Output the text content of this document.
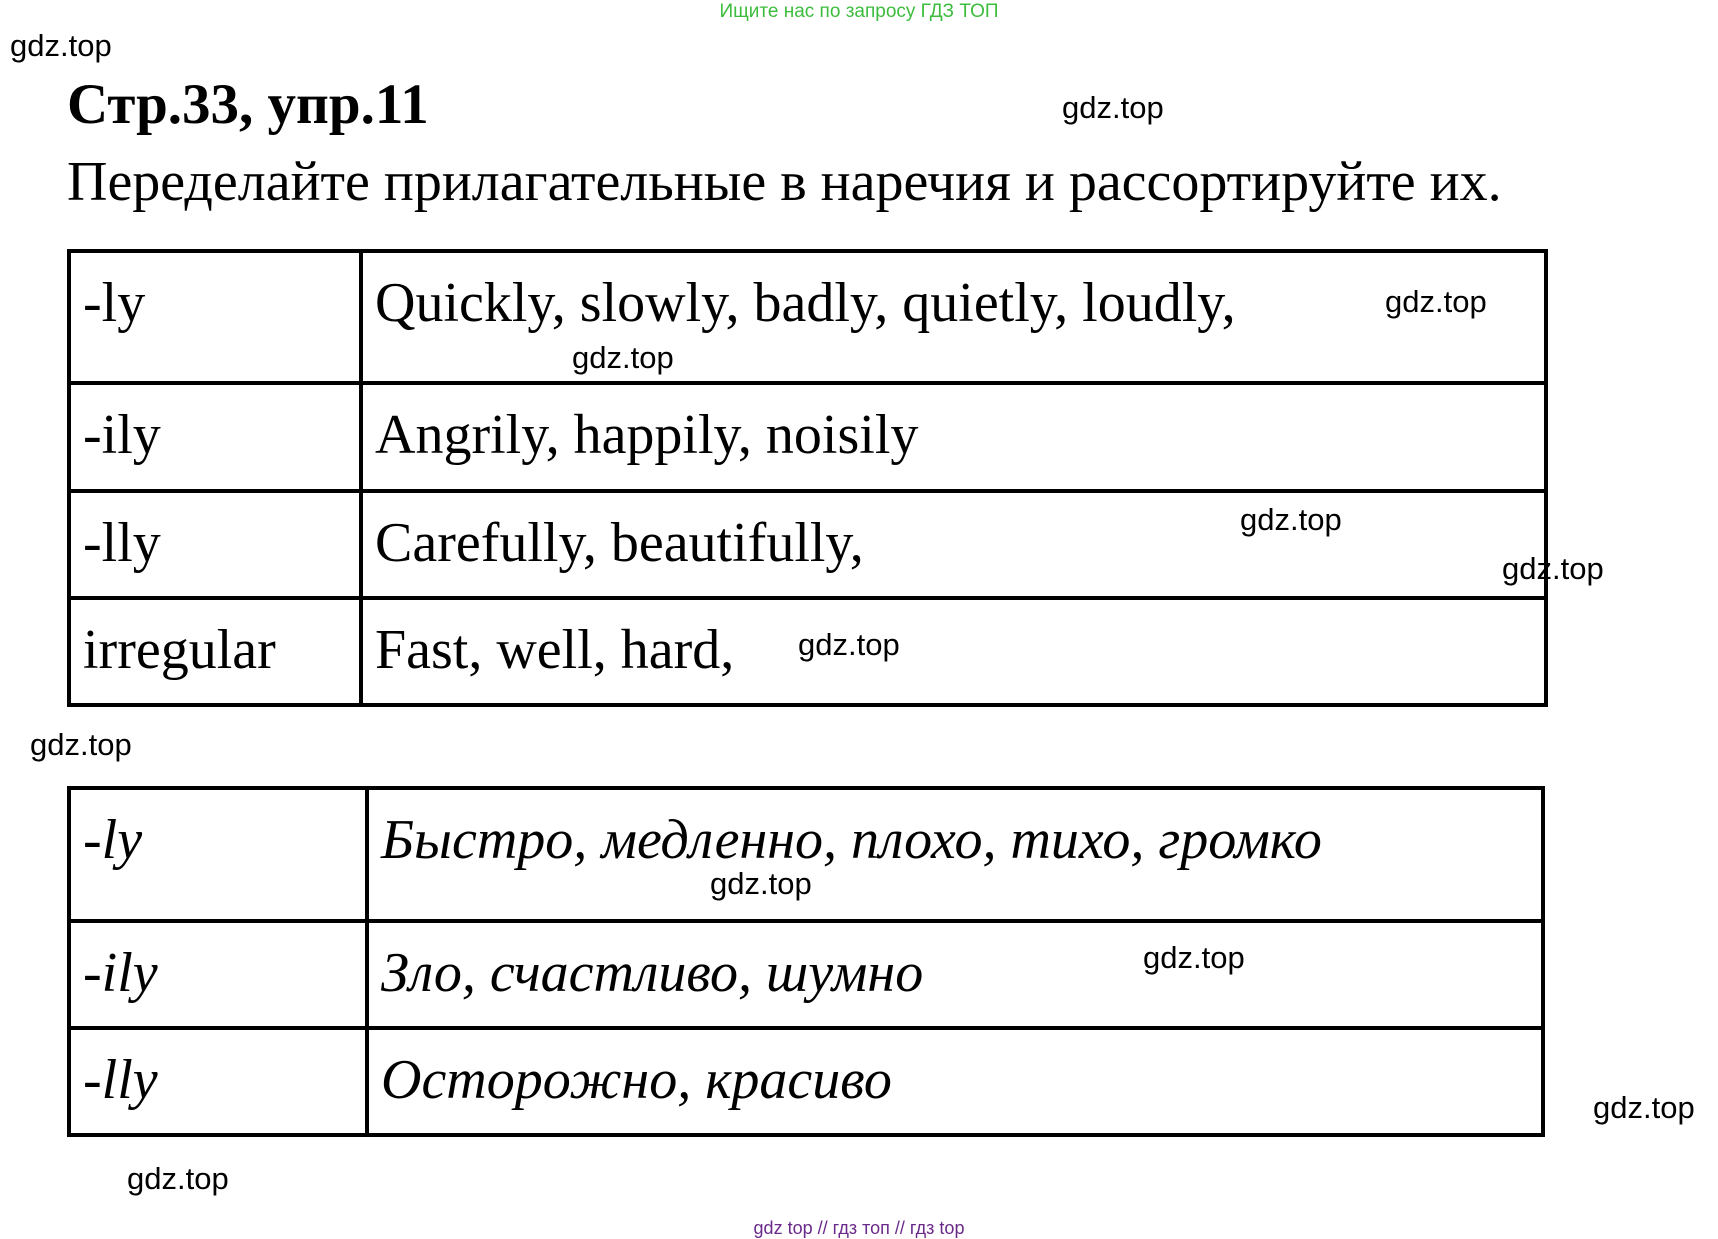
Ищите нас по запросу ГДЗ ТОП
Стр.33, упр.11
Переделайте прилагательные в наречия и рассортируйте их.
-ly	Quickly, slowly, badly, quietly, loudly,
-ily	Angrily, happily, noisily
-lly	Carefully, beautifully,
irregular	Fast, well, hard,
-ly	Быстро, медленно, плохо, тихо, громко
-ily	Зло, счастливо, шумно
-lly	Осторожно, красиво
gdz.top
gdz.top
gdz.top
gdz.top
gdz.top
gdz.top
gdz.top
gdz.top
gdz.top
gdz.top
gdz.top
gdz.top
gdz top // гдз топ // гдз top
